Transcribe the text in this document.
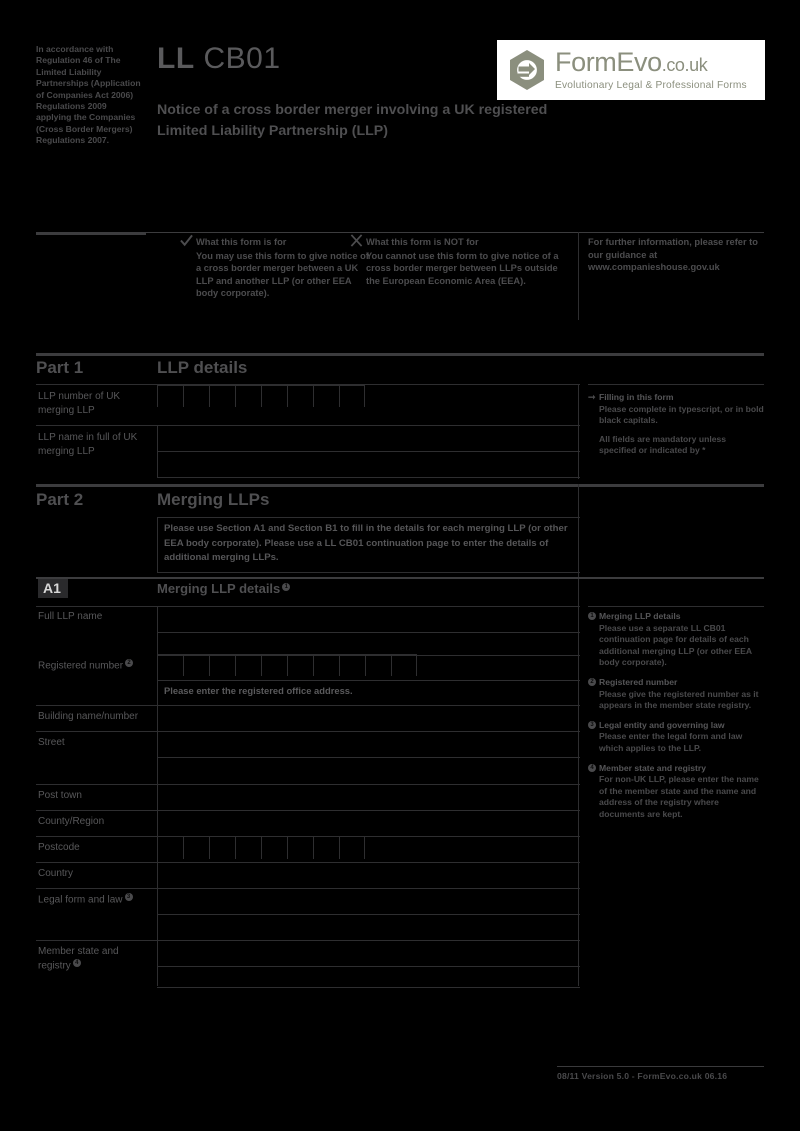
In accordance with Regulation 46 of The Limited Liability Partnerships (Application of Companies Act 2006) Regulations 2009 applying the Companies (Cross Border Mergers) Regulations 2007.
LL CB01
Notice of a cross border merger involving a UK registered Limited Liability Partnership (LLP)
FormEvo.co.uk
Evolutionary Legal & Professional Forms
What this form is for
You may use this form to give notice of a cross border merger between a UK LLP and another LLP (or other EEA body corporate).
What this form is NOT for
You cannot use this form to give notice of a cross border merger between LLPs outside the European Economic Area (EEA).
For further information, please refer to our guidance at www.companieshouse.gov.uk
Part 1	LLP details
LLP number of UK merging LLP
LLP name in full of UK merging LLP
➞ Filling in this form
Please complete in typescript, or in bold black capitals.
All fields are mandatory unless specified or indicated by *
Part 2	Merging LLPs
Please use Section A1 and Section B1 to fill in the details for each merging LLP (or other EEA body corporate). Please use a LL CB01 continuation page to enter the details of additional merging LLPs.
A1	Merging LLP details 1
Full LLP name
Registered number 2
Please enter the registered office address.
Building name/number
Street
Post town
County/Region
Postcode
Country
Legal form and law 3
Member state and registry 4
1 Merging LLP details
Please use a separate LL CB01 continuation page for details of each additional merging LLP (or other EEA body corporate).
2 Registered number
Please give the registered number as it appears in the member state registry.
3 Legal entity and governing law
Please enter the legal form and law which applies to the LLP.
4 Member state and registry
For non-UK LLP, please enter the name of the member state and the name and address of the registry where documents are kept.
08/11 Version 5.0 - FormEvo.co.uk 06.16
